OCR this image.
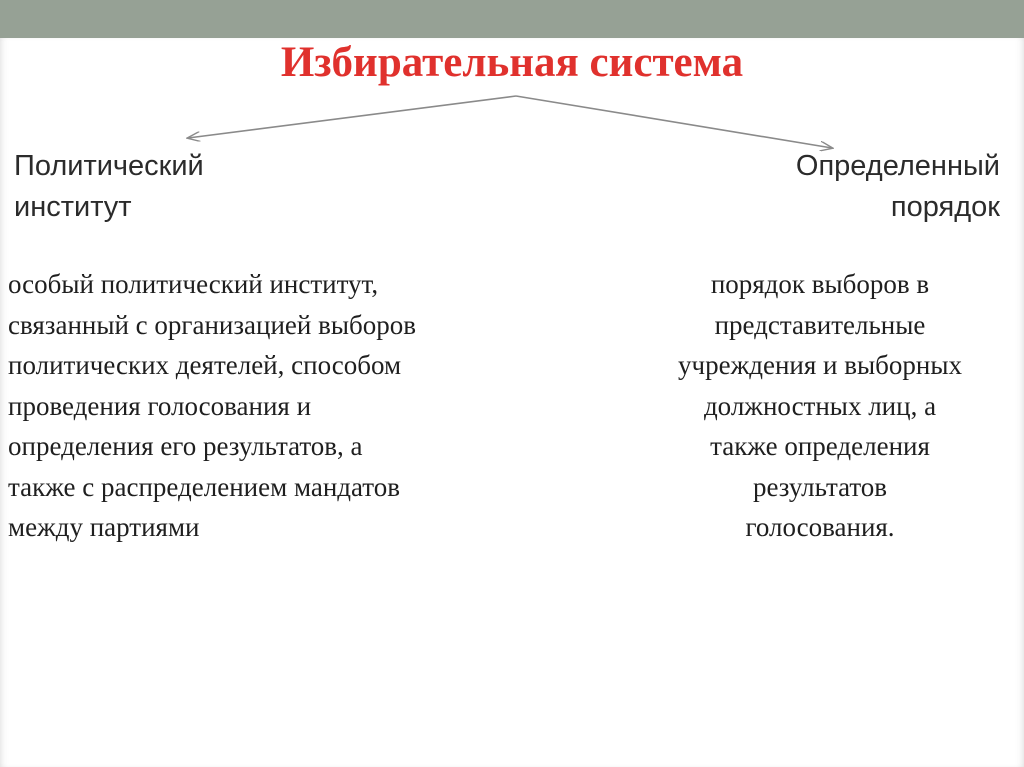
Избирательная система

Политический
институт

Определенный
порядок

особый политический институт,
связанный с организацией выборов
политических деятелей, способом
проведения голосования и
определения его результатов, а
также с распределением мандатов
между партиями

порядок выборов в
представительные
учреждения и выборных
должностных лиц, а
также определения
результатов
голосования.
